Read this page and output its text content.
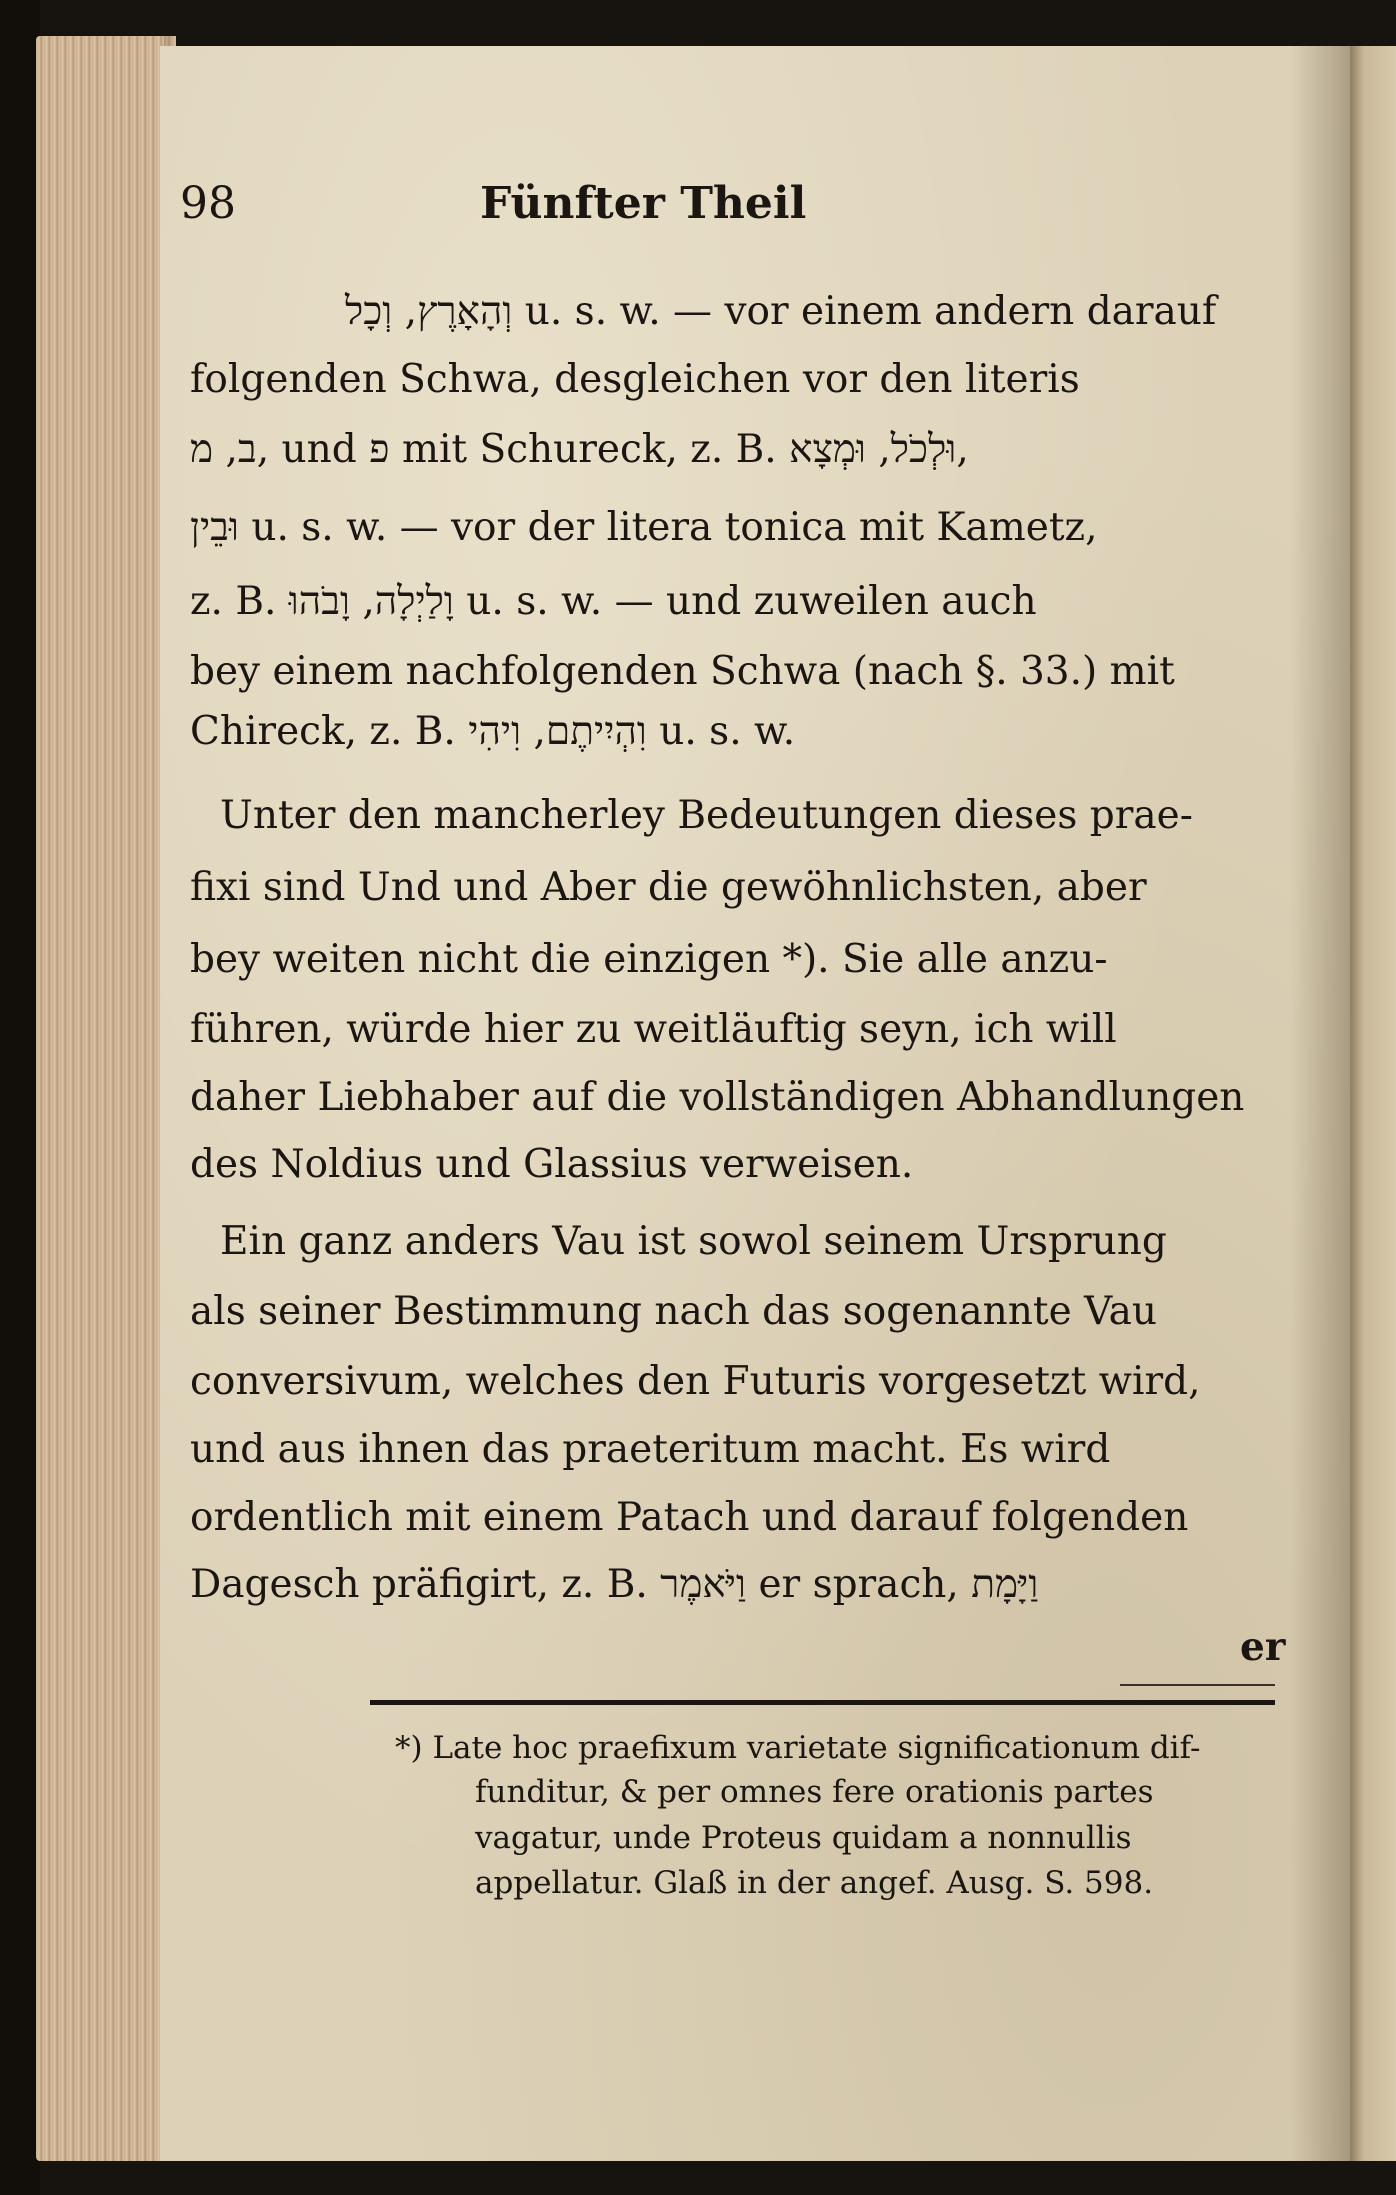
98	Fünfter Theil
וְהָאָרֶץ, וְכָל u. s. w. — vor einem andern darauf
folgenden Schwa, desgleichen vor den literis
ב, מ, und פ mit Schureck, z. B. וּלְכֹל, וּמְצָא,
וּבֵין u. s. w. — vor der litera tonica mit Kametz,
z. B. וָלַיְלָה, וָבֹהוּ u. s. w. — und zuweilen auch
bey einem nachfolgenden Schwa (nach §. 33.) mit
Chireck, z. B. וִהְיִיתֶם, וִיהִי u. s. w.
Unter den mancherley Bedeutungen dieses prae-
fixi sind Und und Aber die gewöhnlichsten, aber
bey weiten nicht die einzigen *). Sie alle anzu-
führen, würde hier zu weitläuftig seyn, ich will
daher Liebhaber auf die vollständigen Abhandlungen
des Noldius und Glassius verweisen.
Ein ganz anders Vau ist sowol seinem Ursprung
als seiner Bestimmung nach das sogenannte Vau
conversivum, welches den Futuris vorgesetzt wird,
und aus ihnen das praeteritum macht. Es wird
ordentlich mit einem Patach und darauf folgenden
Dagesch präfigirt, z. B. וַיֹּאמֶר er sprach, וַיָּמָת
er
*) Late hoc praefixum varietate significationum dif-
funditur, & per omnes fere orationis partes
vagatur, unde Proteus quidam a nonnullis
appellatur. Glaß in der angef. Ausg. S. 598.
